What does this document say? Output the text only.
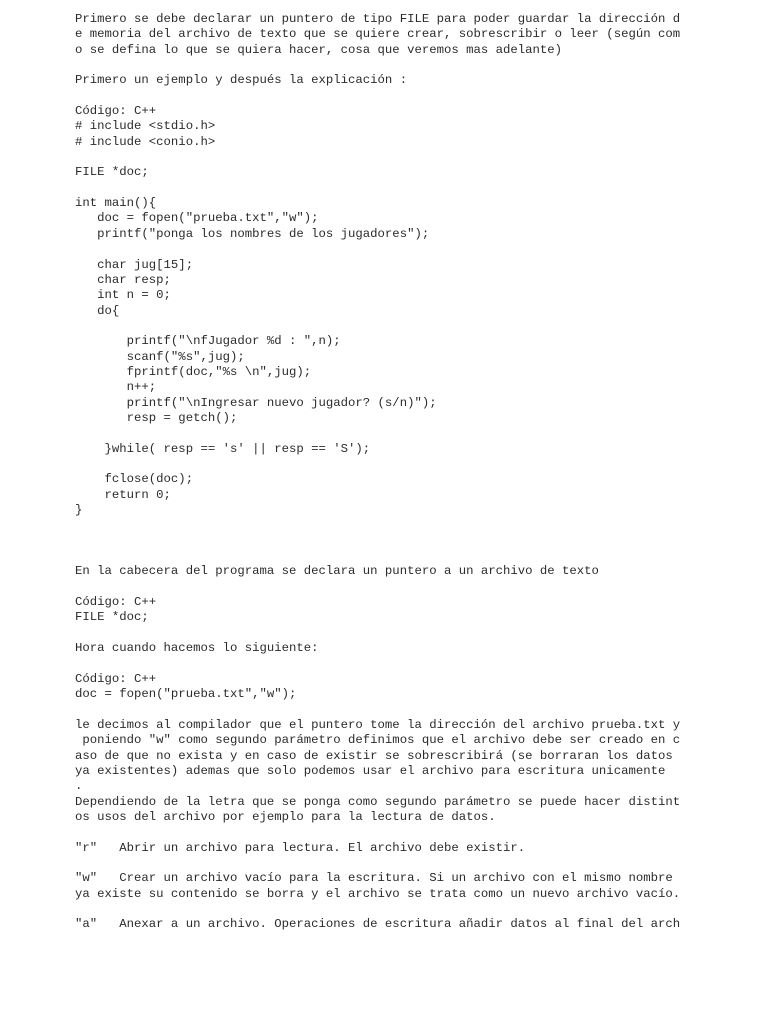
Primero se debe declarar un puntero de tipo FILE para poder guardar la dirección d
e memoria del archivo de texto que se quiere crear, sobrescribir o leer (según com
o se defina lo que se quiera hacer, cosa que veremos mas adelante)

Primero un ejemplo y después la explicación :

Código: C++
# include <stdio.h>
# include <conio.h>

FILE *doc;

int main(){
doc = fopen("prueba.txt","w");
printf("ponga los nombres de los jugadores");

char jug[15];
char resp;
int n = 0;
do{

printf("\nfJugador %d : ",n);
scanf("%s",jug);
fprintf(doc,"%s \n",jug);
n++;
printf("\nIngresar nuevo jugador? (s/n)");
resp = getch();

}while( resp == 's' || resp == 'S');

fclose(doc);
return 0;
}

En la cabecera del programa se declara un puntero a un archivo de texto

Código: C++
FILE *doc;

Hora cuando hacemos lo siguiente:

Código: C++
doc = fopen("prueba.txt","w");

le decimos al compilador que el puntero tome la dirección del archivo prueba.txt y
poniendo "w" como segundo parámetro definimos que el archivo debe ser creado en c
aso de que no exista y en caso de existir se sobrescribirá (se borraran los datos
ya existentes) ademas que solo podemos usar el archivo para escritura unicamente
.
Dependiendo de la letra que se ponga como segundo parámetro se puede hacer distint
os usos del archivo por ejemplo para la lectura de datos.

"r"   Abrir un archivo para lectura. El archivo debe existir.

"w"   Crear un archivo vacío para la escritura. Si un archivo con el mismo nombre
ya existe su contenido se borra y el archivo se trata como un nuevo archivo vacío.

"a"   Anexar a un archivo. Operaciones de escritura añadir datos al final del arch
